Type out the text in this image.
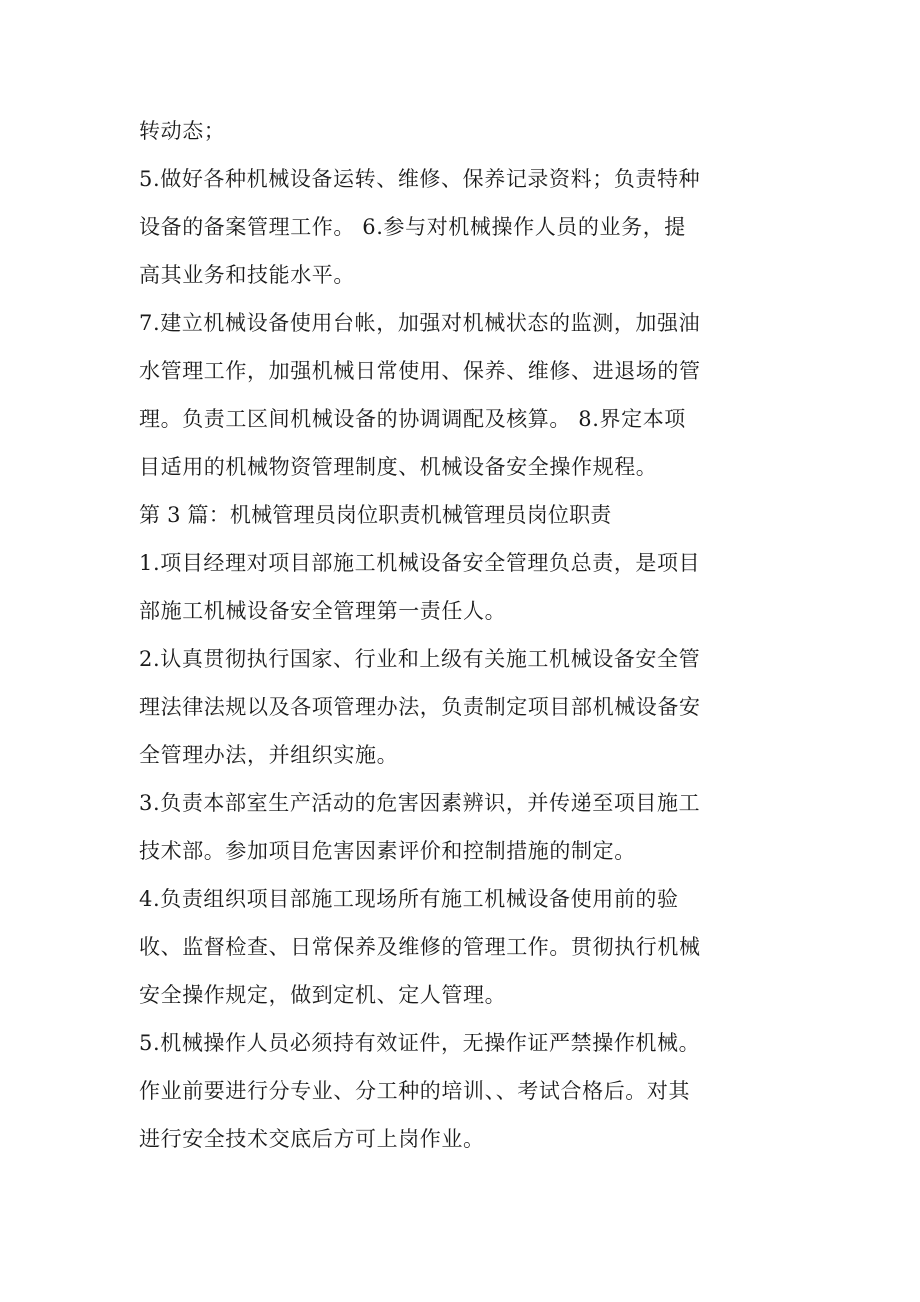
转动态；
5.做好各种机械设备运转、维修、保养记录资料；负责特种
设备的备案管理工作。 6.参与对机械操作人员的业务，提
高其业务和技能水平。
7.建立机械设备使用台帐，加强对机械状态的监测，加强油
水管理工作，加强机械日常使用、保养、维修、进退场的管
理。负责工区间机械设备的协调调配及核算。 8.界定本项
目适用的机械物资管理制度、机械设备安全操作规程。
第 3 篇：机械管理员岗位职责机械管理员岗位职责
1.项目经理对项目部施工机械设备安全管理负总责，是项目
部施工机械设备安全管理第一责任人。
2.认真贯彻执行国家、行业和上级有关施工机械设备安全管
理法律法规以及各项管理办法，负责制定项目部机械设备安
全管理办法，并组织实施。
3.负责本部室生产活动的危害因素辨识，并传递至项目施工
技术部。参加项目危害因素评价和控制措施的制定。
4.负责组织项目部施工现场所有施工机械设备使用前的验
收、监督检查、日常保养及维修的管理工作。贯彻执行机械
安全操作规定，做到定机、定人管理。
5.机械操作人员必须持有效证件，无操作证严禁操作机械。
作业前要进行分专业、分工种的培训、、考试合格后。对其
进行安全技术交底后方可上岗作业。
